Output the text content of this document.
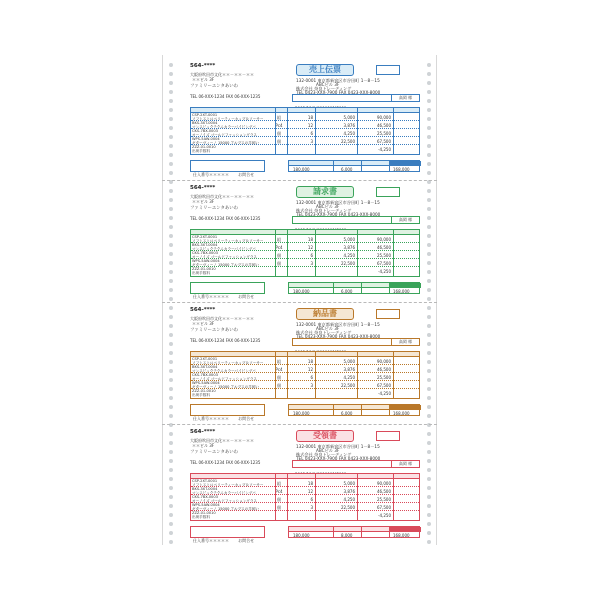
564-****
大阪府吹田市文化＊＊－＊＊－＊＊
＊＊ビル 3F
ファミリーエンタあいわ
TEL 06-XXX-1234 FAX 06-XXX-1235
売上伝票
132-0001 東京都新宿区市谷田町 1－8－15
ABCビル 3F
株式会社 奈良トレーディング
TEL 0423-XXX-7900 FAX 0423-XXX-8000
高岡 様
CSP-2XT-0001
ソフトストロベリーティーカップ＆ソーサー	組	18	5,000	90,000
BKS-3XT-0004
マンスピックテクニカラーパイピングバ	Pc4	12	3,876	46,500
CKS-7BX-0003
オーノイズ ゴールドファッショングラス	個	6	4,250	25,500
WPS-5AW-0004
ギターヴィーノ 15000 アルプスの羊飼い	個	3	22,500	67,500
ZZZ-01-0010
出荷手数料	-4,250
仕入番号＊＊＊＊＊ お問合せ
180,000	6,000	168,000
564-****
大阪府吹田市文化＊＊－＊＊－＊＊
＊＊ビル 3F
ファミリーエンタあいわ
TEL 06-XXX-1234 FAX 06-XXX-1235
請求書
132-0001 東京都新宿区市谷田町 1－8－15
ABCビル 3F
株式会社 奈良トレーディング
TEL 0423-XXX-7900 FAX 0423-XXX-8000
高岡 様
CSP-2XT-0001
ソフトストロベリーティーカップ＆ソーサー	組	18	5,000	90,000
BKS-3XT-0004
マンスピックテクニカラーパイピングバ	Pc4	12	3,876	46,500
CKS-7BX-0003
オーノイズ ゴールドファッショングラス	個	6	4,250	25,500
WPS-5AW-0004
ギターヴィーノ 15000 アルプスの羊飼い	個	3	22,500	67,500
ZZZ-01-0010
出荷手数料	-4,250
仕入番号＊＊＊＊＊ お問合せ
180,000	6,000	168,000
564-****
大阪府吹田市文化＊＊－＊＊－＊＊
＊＊ビル 3F
ファミリーエンタあいわ
TEL 06-XXX-1234 FAX 06-XXX-1235
納品書
132-0001 東京都新宿区市谷田町 1－8－15
ABCビル 3F
株式会社 奈良トレーディング
TEL 0423-XXX-7900 FAX 0423-XXX-8000
高岡 様
CSP-2XT-0001
ソフトストロベリーティーカップ＆ソーサー	組	18	5,000	90,000
BKS-3XT-0004
マンスピックテクニカラーパイピングバ	Pc4	12	3,876	46,500
CKS-7BX-0003
オーノイズ ゴールドファッショングラス	個	6	4,250	25,500
WPS-5AW-0004
ギターヴィーノ 15000 アルプスの羊飼い	個	3	22,500	67,500
ZZZ-01-0010
出荷手数料	-4,250
仕入番号＊＊＊＊＊ お問合せ
180,000	6,000	168,000
564-****
大阪府吹田市文化＊＊－＊＊－＊＊
＊＊ビル 3F
ファミリーエンタあいわ
TEL 06-XXX-1234 FAX 06-XXX-1235
受領書
132-0001 東京都新宿区市谷田町 1－8－15
ABCビル 3F
株式会社 奈良トレーディング
TEL 0423-XXX-7900 FAX 0423-XXX-8000
高岡 様
CSP-2XT-0001
ソフトストロベリーティーカップ＆ソーサー	組	18	5,000	90,000
BKS-3XT-0004
マンスピックテクニカラーパイピングバ	Pc4	12	3,876	46,500
CKS-7BX-0003
オーノイズ ゴールドファッショングラス	個	6	4,250	25,500
WPS-5AW-0004
ギターヴィーノ 15000 アルプスの羊飼い	個	3	22,500	67,500
ZZZ-01-0010
出荷手数料	-4,250
仕入番号＊＊＊＊＊ お問合せ
180,000	8,000	168,000
